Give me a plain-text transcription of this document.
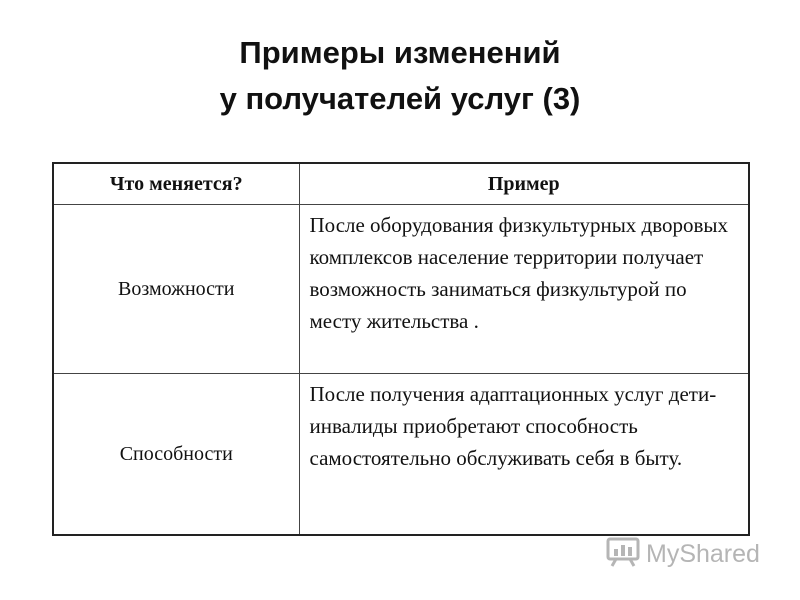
Примеры изменений
у получателей услуг (3)
Что меняется?	Пример
Возможности	После оборудования физкультурных дворовых комплексов население территории получает возможность заниматься физкультурой по месту жительства .
Способности	После получения адаптационных услуг дети-инвалиды приобретают способность самостоятельно обслуживать себя в быту.
MyShared
